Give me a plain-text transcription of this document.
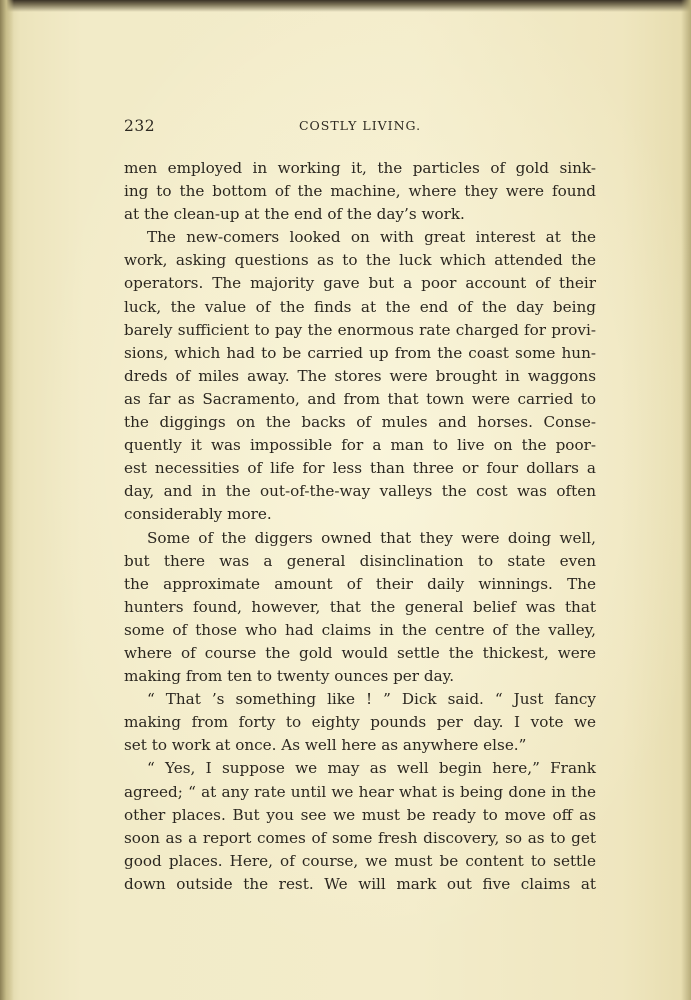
232	COSTLY LIVING.
men employed in working it, the particles of gold sink-
ing to the bottom of the machine, where they were found
at the clean-up at the end of the day’s work.
The new-comers looked on with great interest at the
work, asking questions as to the luck which attended the
operators. The majority gave but a poor account of their
luck, the value of the finds at the end of the day being
barely sufficient to pay the enormous rate charged for provi-
sions, which had to be carried up from the coast some hun-
dreds of miles away. The stores were brought in waggons
as far as Sacramento, and from that town were carried to
the diggings on the backs of mules and horses. Conse-
quently it was impossible for a man to live on the poor-
est necessities of life for less than three or four dollars a
day, and in the out-of-the-way valleys the cost was often
considerably more.
Some of the diggers owned that they were doing well,
but there was a general disinclination to state even
the approximate amount of their daily winnings. The
hunters found, however, that the general belief was that
some of those who had claims in the centre of the valley,
where of course the gold would settle the thickest, were
making from ten to twenty ounces per day.
“ That ’s something like ! ” Dick said. “ Just fancy
making from forty to eighty pounds per day. I vote we
set to work at once. As well here as anywhere else.”
“ Yes, I suppose we may as well begin here,” Frank
agreed; “ at any rate until we hear what is being done in the
other places. But you see we must be ready to move off as
soon as a report comes of some fresh discovery, so as to get
good places. Here, of course, we must be content to settle
down outside the rest. We will mark out five claims at
